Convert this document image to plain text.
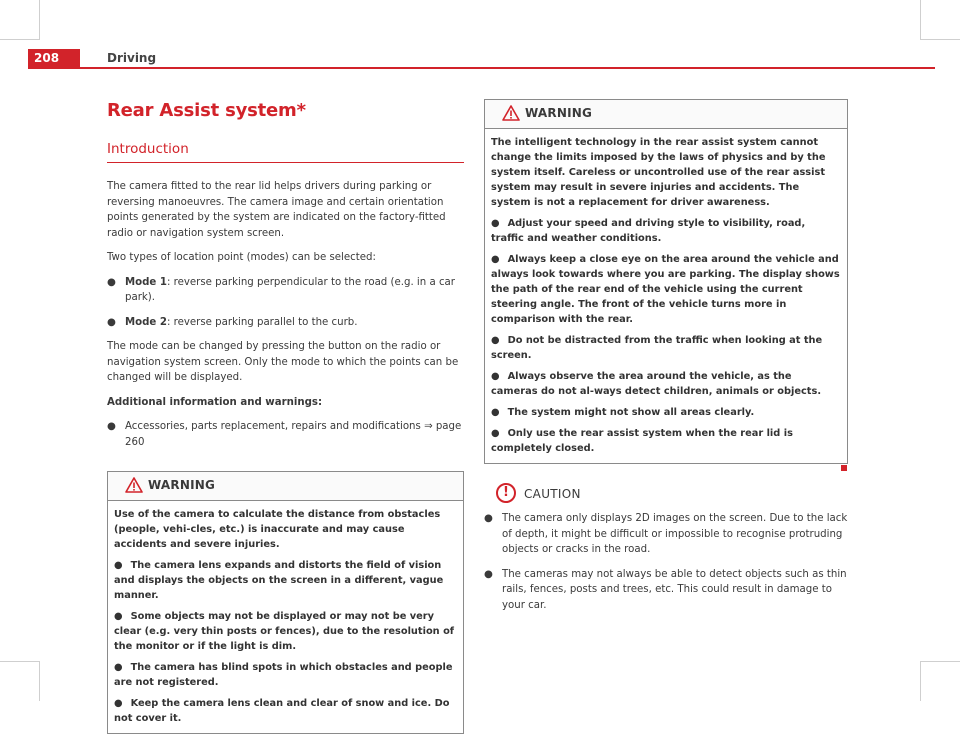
208	Driving
Rear Assist system*
Introduction

The camera fitted to the rear lid helps drivers during parking or reversing manoeuvres. The camera image and certain orientation points generated by the system are indicated on the factory-fitted radio or navigation system screen.

Two types of location point (modes) can be selected:

● Mode 1: reverse parking perpendicular to the road (e.g. in a car park).
● Mode 2: reverse parking parallel to the curb.

The mode can be changed by pressing the button on the radio or navigation system screen. Only the mode to which the points can be changed will be displayed.

Additional information and warnings:
● Accessories, parts replacement, repairs and modifications ⇒ page 260
WARNING
Use of the camera to calculate the distance from obstacles (people, vehi-cles, etc.) is inaccurate and may cause accidents and severe injuries.
● The camera lens expands and distorts the field of vision and displays the objects on the screen in a different, vague manner.
● Some objects may not be displayed or may not be very clear (e.g. very thin posts or fences), due to the resolution of the monitor or if the light is dim.
● The camera has blind spots in which obstacles and people are not registered.
● Keep the camera lens clean and clear of snow and ice. Do not cover it.
WARNING
The intelligent technology in the rear assist system cannot change the limits imposed by the laws of physics and by the system itself. Careless or uncontrolled use of the rear assist system may result in severe injuries and accidents. The system is not a replacement for driver awareness.
● Adjust your speed and driving style to visibility, road, traffic and weather conditions.
● Always keep a close eye on the area around the vehicle and always look towards where you are parking. The display shows the path of the rear end of the vehicle using the current steering angle. The front of the vehicle turns more in comparison with the rear.
● Do not be distracted from the traffic when looking at the screen.
● Always observe the area around the vehicle, as the cameras do not al-ways detect children, animals or objects.
● The system might not show all areas clearly.
● Only use the rear assist system when the rear lid is completely closed.
!	CAUTION
● The camera only displays 2D images on the screen. Due to the lack of depth, it might be difficult or impossible to recognise protruding objects or cracks in the road.
● The cameras may not always be able to detect objects such as thin rails, fences, posts and trees, etc. This could result in damage to your car.
